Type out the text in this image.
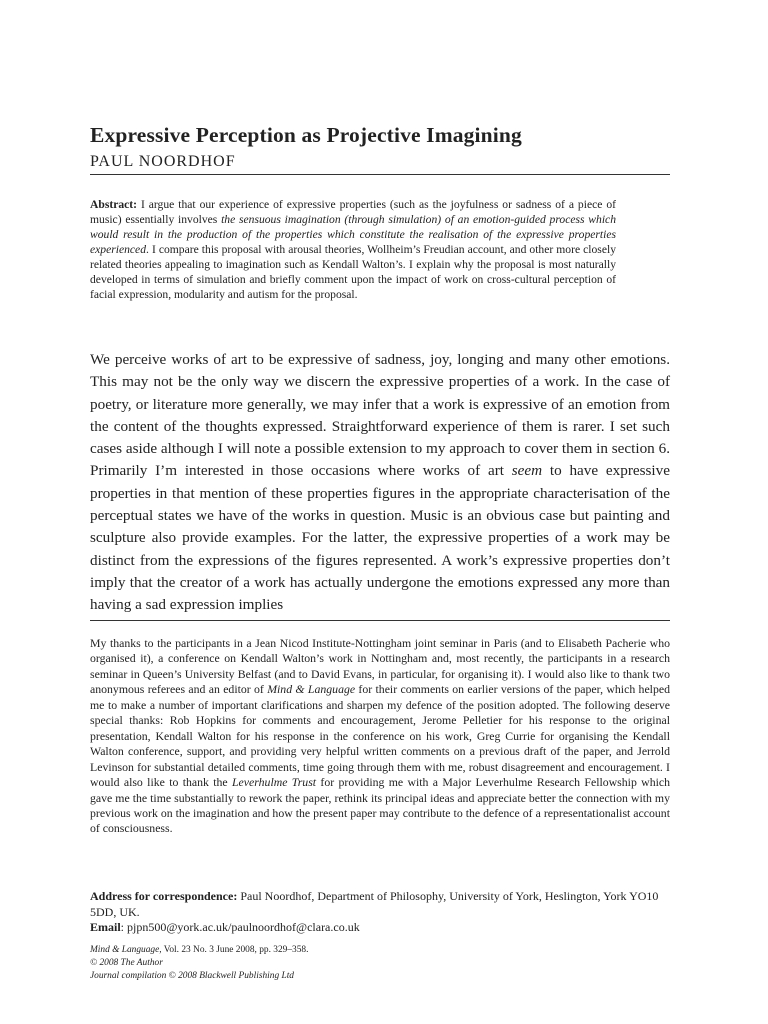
Expressive Perception as Projective Imagining
PAUL NOORDHOF
Abstract: I argue that our experience of expressive properties (such as the joyfulness or sadness of a piece of music) essentially involves the sensuous imagination (through simulation) of an emotion-guided process which would result in the production of the properties which constitute the realisation of the expressive properties experienced. I compare this proposal with arousal theories, Wollheim’s Freudian account, and other more closely related theories appealing to imagination such as Kendall Walton’s. I explain why the proposal is most naturally developed in terms of simulation and briefly comment upon the impact of work on cross-cultural perception of facial expression, modularity and autism for the proposal.
We perceive works of art to be expressive of sadness, joy, longing and many other emotions. This may not be the only way we discern the expressive properties of a work. In the case of poetry, or literature more generally, we may infer that a work is expressive of an emotion from the content of the thoughts expressed. Straightforward experience of them is rarer. I set such cases aside although I will note a possible extension to my approach to cover them in section 6. Primarily I’m interested in those occasions where works of art seem to have expressive properties in that mention of these properties figures in the appropriate characterisation of the perceptual states we have of the works in question. Music is an obvious case but painting and sculpture also provide examples. For the latter, the expressive properties of a work may be distinct from the expressions of the figures represented. A work’s expressive properties don’t imply that the creator of a work has actually undergone the emotions expressed any more than having a sad expression implies
My thanks to the participants in a Jean Nicod Institute-Nottingham joint seminar in Paris (and to Elisabeth Pacherie who organised it), a conference on Kendall Walton’s work in Nottingham and, most recently, the participants in a research seminar in Queen’s University Belfast (and to David Evans, in particular, for organising it). I would also like to thank two anonymous referees and an editor of Mind & Language for their comments on earlier versions of the paper, which helped me to make a number of important clarifications and sharpen my defence of the position adopted. The following deserve special thanks: Rob Hopkins for comments and encouragement, Jerome Pelletier for his response to the original presentation, Kendall Walton for his response in the conference on his work, Greg Currie for organising the Kendall Walton conference, support, and providing very helpful written comments on a previous draft of the paper, and Jerrold Levinson for substantial detailed comments, time going through them with me, robust disagreement and encouragement. I would also like to thank the Leverhulme Trust for providing me with a Major Leverhulme Research Fellowship which gave me the time substantially to rework the paper, rethink its principal ideas and appreciate better the connection with my previous work on the imagination and how the present paper may contribute to the defence of a representationalist account of consciousness.
Address for correspondence: Paul Noordhof, Department of Philosophy, University of York, Heslington, York YO10 5DD, UK.
Email: pjpn500@york.ac.uk/paulnoordhof@clara.co.uk
Mind & Language, Vol. 23 No. 3 June 2008, pp. 329–358.
© 2008 The Author
Journal compilation © 2008 Blackwell Publishing Ltd
